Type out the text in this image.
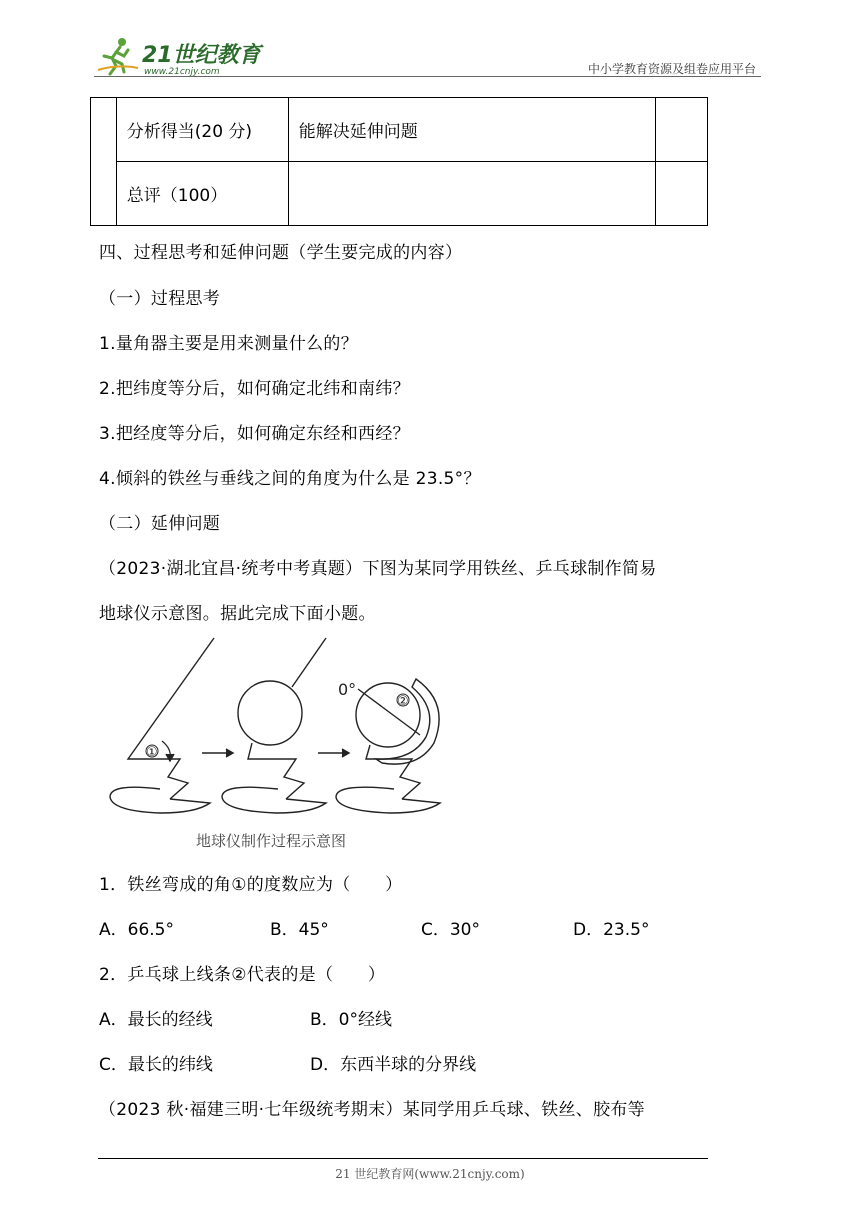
21世纪教育
www.21cnjy.com	中小学教育资源及组卷应用平台
	分析得当(20 分)	能解决延伸问题	
	总评（100）		
四、过程思考和延伸问题（学生要完成的内容）
（一）过程思考
1.量角器主要是用来测量什么的？
2.把纬度等分后，如何确定北纬和南纬？
3.把经度等分后，如何确定东经和西经？
4.倾斜的铁丝与垂线之间的角度为什么是 23.5°？
（二）延伸问题
（2023·湖北宜昌·统考中考真题）下图为某同学用铁丝、乒乓球制作简易
地球仪示意图。据此完成下面小题。
①
0°
②
地球仪制作过程示意图
1．铁丝弯成的角①的度数应为（　　）
A．66.5°	B．45°	C．30°	D．23.5°
2．乒乓球上线条②代表的是（　　）
A．最长的经线	B．0°经线
C．最长的纬线	D．东西半球的分界线
（2023 秋·福建三明·七年级统考期末）某同学用乒乓球、铁丝、胶布等
21 世纪教育网(www.21cnjy.com)
